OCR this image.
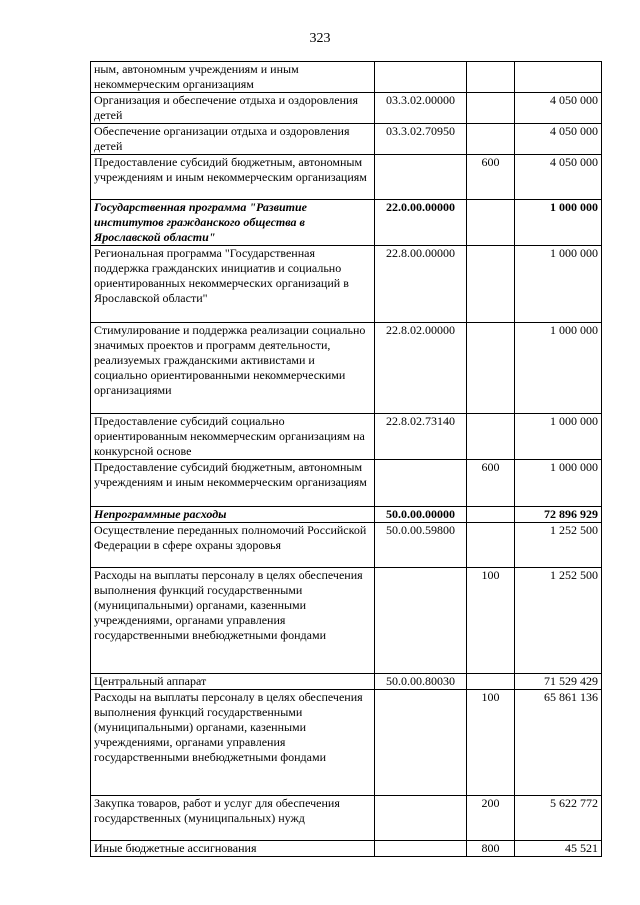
323
ным, автономным учреждениям и иным некоммерческим организациям			
Организация и обеспечение отдыха и оздоровления детей	03.3.02.00000		4 050 000
Обеспечение организации отдыха и оздоровления детей	03.3.02.70950		4 050 000
Предоставление субсидий бюджетным, автономным учреждениям и иным некоммерческим организациям		600	4 050 000
Государственная программа "Развитие институтов гражданского общества в Ярославской области"	22.0.00.00000		1 000 000
Региональная программа "Государственная поддержка гражданских инициатив и социально ориентированных некоммерческих организаций в Ярославской области"	22.8.00.00000		1 000 000
Стимулирование и поддержка реализации социально значимых проектов и программ деятельности, реализуемых гражданскими активистами и социально ориентированными некоммерческими организациями	22.8.02.00000		1 000 000
Предоставление субсидий социально ориентированным некоммерческим организациям на конкурсной основе	22.8.02.73140		1 000 000
Предоставление субсидий бюджетным, автономным учреждениям и иным некоммерческим организациям		600	1 000 000
Непрограммные расходы	50.0.00.00000		72 896 929
Осуществление переданных полномочий Российской Федерации в сфере охраны здоровья	50.0.00.59800		1 252 500
Расходы на выплаты персоналу в целях обеспечения выполнения функций государственными (муниципальными) органами, казенными учреждениями, органами управления государственными внебюджетными фондами		100	1 252 500
Центральный аппарат	50.0.00.80030		71 529 429
Расходы на выплаты персоналу в целях обеспечения выполнения функций государственными (муниципальными) органами, казенными учреждениями, органами управления государственными внебюджетными фондами		100	65 861 136
Закупка товаров, работ и услуг для обеспечения государственных (муниципальных) нужд		200	5 622 772
Иные бюджетные ассигнования		800	45 521
